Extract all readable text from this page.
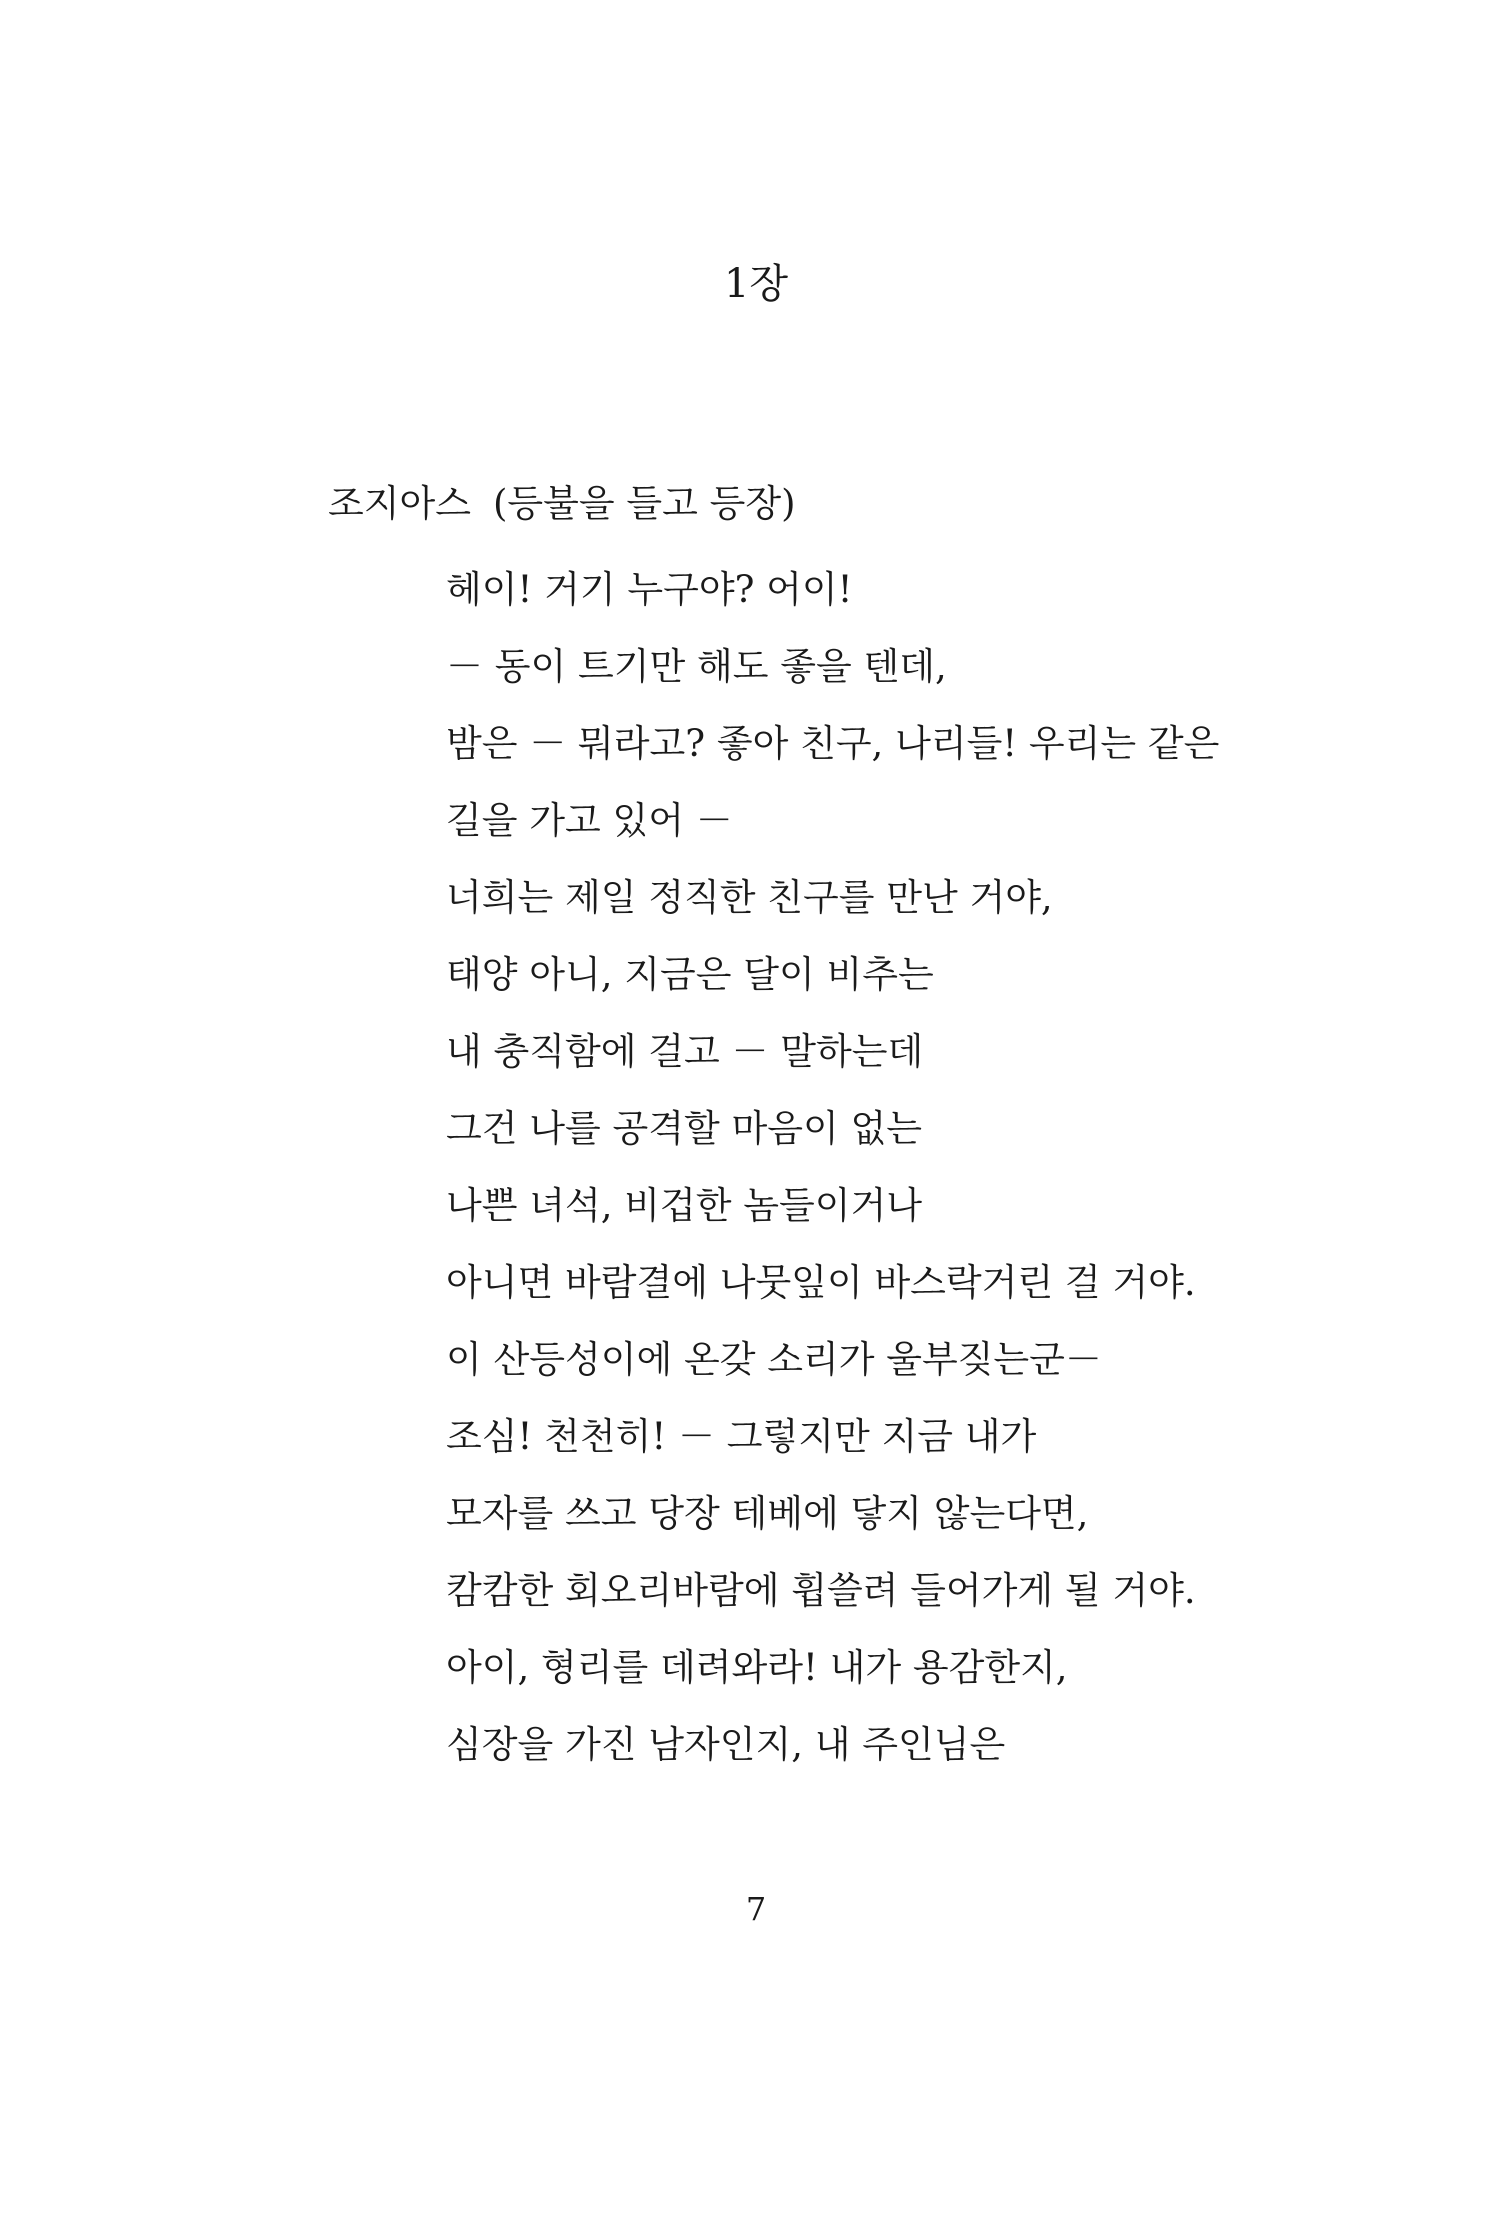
1장
조지아스 (등불을 들고 등장)
헤이! 거기 누구야? 어이!
－ 동이 트기만 해도 좋을 텐데,
밤은 － 뭐라고? 좋아 친구, 나리들! 우리는 같은
길을 가고 있어 －
너희는 제일 정직한 친구를 만난 거야,
태양 아니, 지금은 달이 비추는
내 충직함에 걸고 － 말하는데
그건 나를 공격할 마음이 없는
나쁜 녀석, 비겁한 놈들이거나
아니면 바람결에 나뭇잎이 바스락거린 걸 거야.
이 산등성이에 온갖 소리가 울부짖는군－
조심! 천천히! － 그렇지만 지금 내가
모자를 쓰고 당장 테베에 닿지 않는다면,
캄캄한 회오리바람에 휩쓸려 들어가게 될 거야.
아이, 형리를 데려와라! 내가 용감한지,
심장을 가진 남자인지, 내 주인님은
7
